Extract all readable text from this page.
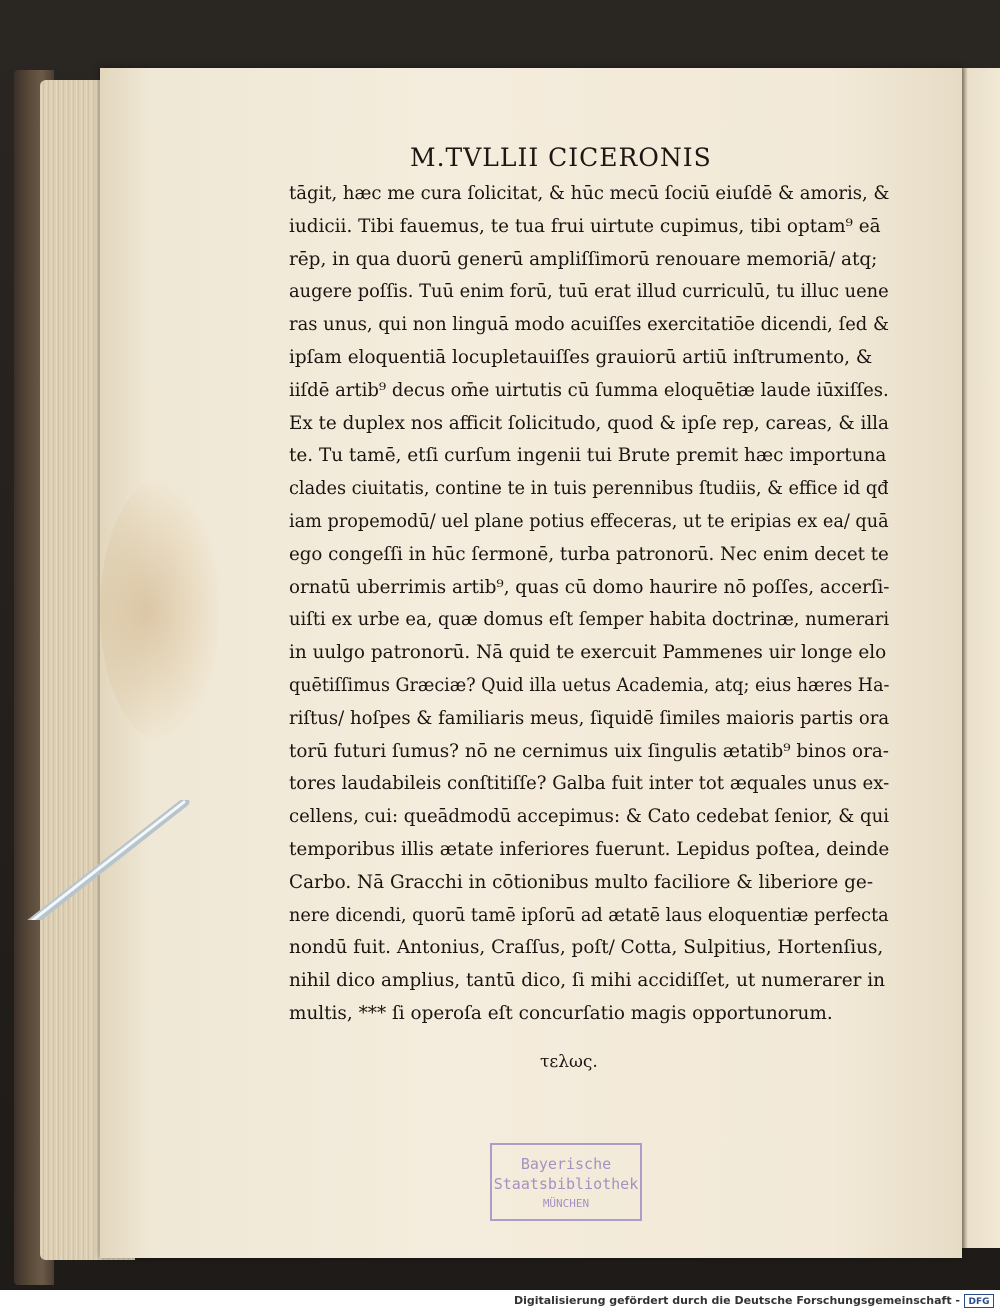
M.TVLLII CICERONIS
tāgit, hæc me cura ſolicitat, & hūc mecū ſociū eiuſdē & amoris, &
iudicii. Tibi fauemus, te tua frui uirtute cupimus, tibi optam⁹ eā
rēp, in qua duorū generū ampliſſimorū renouare memoriā/ atq;
augere poſſis. Tuū enim forū, tuū erat illud curriculū, tu illuc uene
ras unus, qui non linguā modo acuiſſes exercitatiōe dicendi, ſed &
ipſam eloquentiā locupletauiſſes grauiorū artiū inſtrumento, &
iiſdē artib⁹ decus om̄e uirtutis cū ſumma eloquētiæ laude iūxiſſes.
Ex te duplex nos afficit ſolicitudo, quod & ipſe rep, careas, & illa
te. Tu tamē, etſi curſum ingenii tui Brute premit hæc importuna
clades ciuitatis, contine te in tuis perennibus ſtudiis, & effice id qđ
iam propemodū/ uel plane potius effeceras, ut te eripias ex ea/ quā
ego congeſſi in hūc ſermonē, turba patronorū. Nec enim decet te
ornatū uberrimis artib⁹, quas cū domo haurire nō poſſes, accerſi-
uiſti ex urbe ea, quæ domus eſt ſemper habita doctrinæ, numerari
in uulgo patronorū. Nā quid te exercuit Pammenes uir longe elo
quētiſſimus Græciæ? Quid illa uetus Academia, atq; eius hæres Ha-
riſtus/ hoſpes & familiaris meus, ſiquidē ſimiles maioris partis ora
torū futuri ſumus? nō ne cernimus uix ſingulis ætatib⁹ binos ora-
tores laudabileis conſtitiſſe? Galba fuit inter tot æquales unus ex-
cellens, cui: queādmodū accepimus: & Cato cedebat ſenior, & qui
temporibus illis ætate inferiores fuerunt. Lepidus poſtea, deinde
Carbo. Nā Gracchi in cōtionibus multo faciliore & liberiore ge-
nere dicendi, quorū tamē ipſorū ad ætatē laus eloquentiæ perfecta
nondū fuit. Antonius, Craſſus, poſt/ Cotta, Sulpitius, Hortenſius,
nihil dico amplius, tantū dico, ſi mihi accidiſſet, ut numerarer in
multis, *** ſi operoſa eſt concurſatio magis opportunorum.
τελως.
Bayerische
Staatsbibliothek
MÜNCHEN
Digitalisierung gefördert durch die Deutsche Forschungsgemeinschaft - DFG
